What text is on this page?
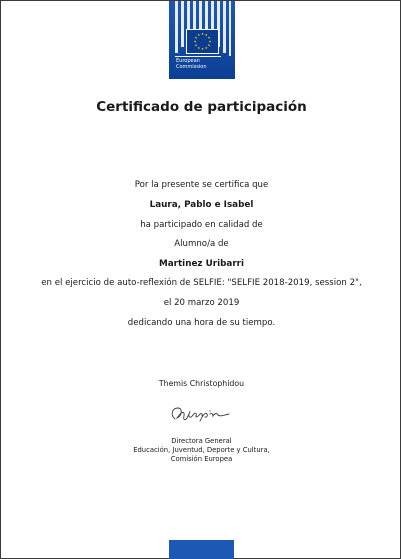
European
Commission
Certificado de participación
Por la presente se certifica que
Laura, Pablo e Isabel
ha participado en calidad de
Alumno/a de
Martinez Uribarri
en el ejercicio de auto-reflexión de SELFIE: "SELFIE 2018-2019, session 2",
el 20 marzo 2019
dedicando una hora de su tiempo.
Themis Christophidou
Directora General
Educación, Juventud, Deporte y Cultura,
Comisión Europea
